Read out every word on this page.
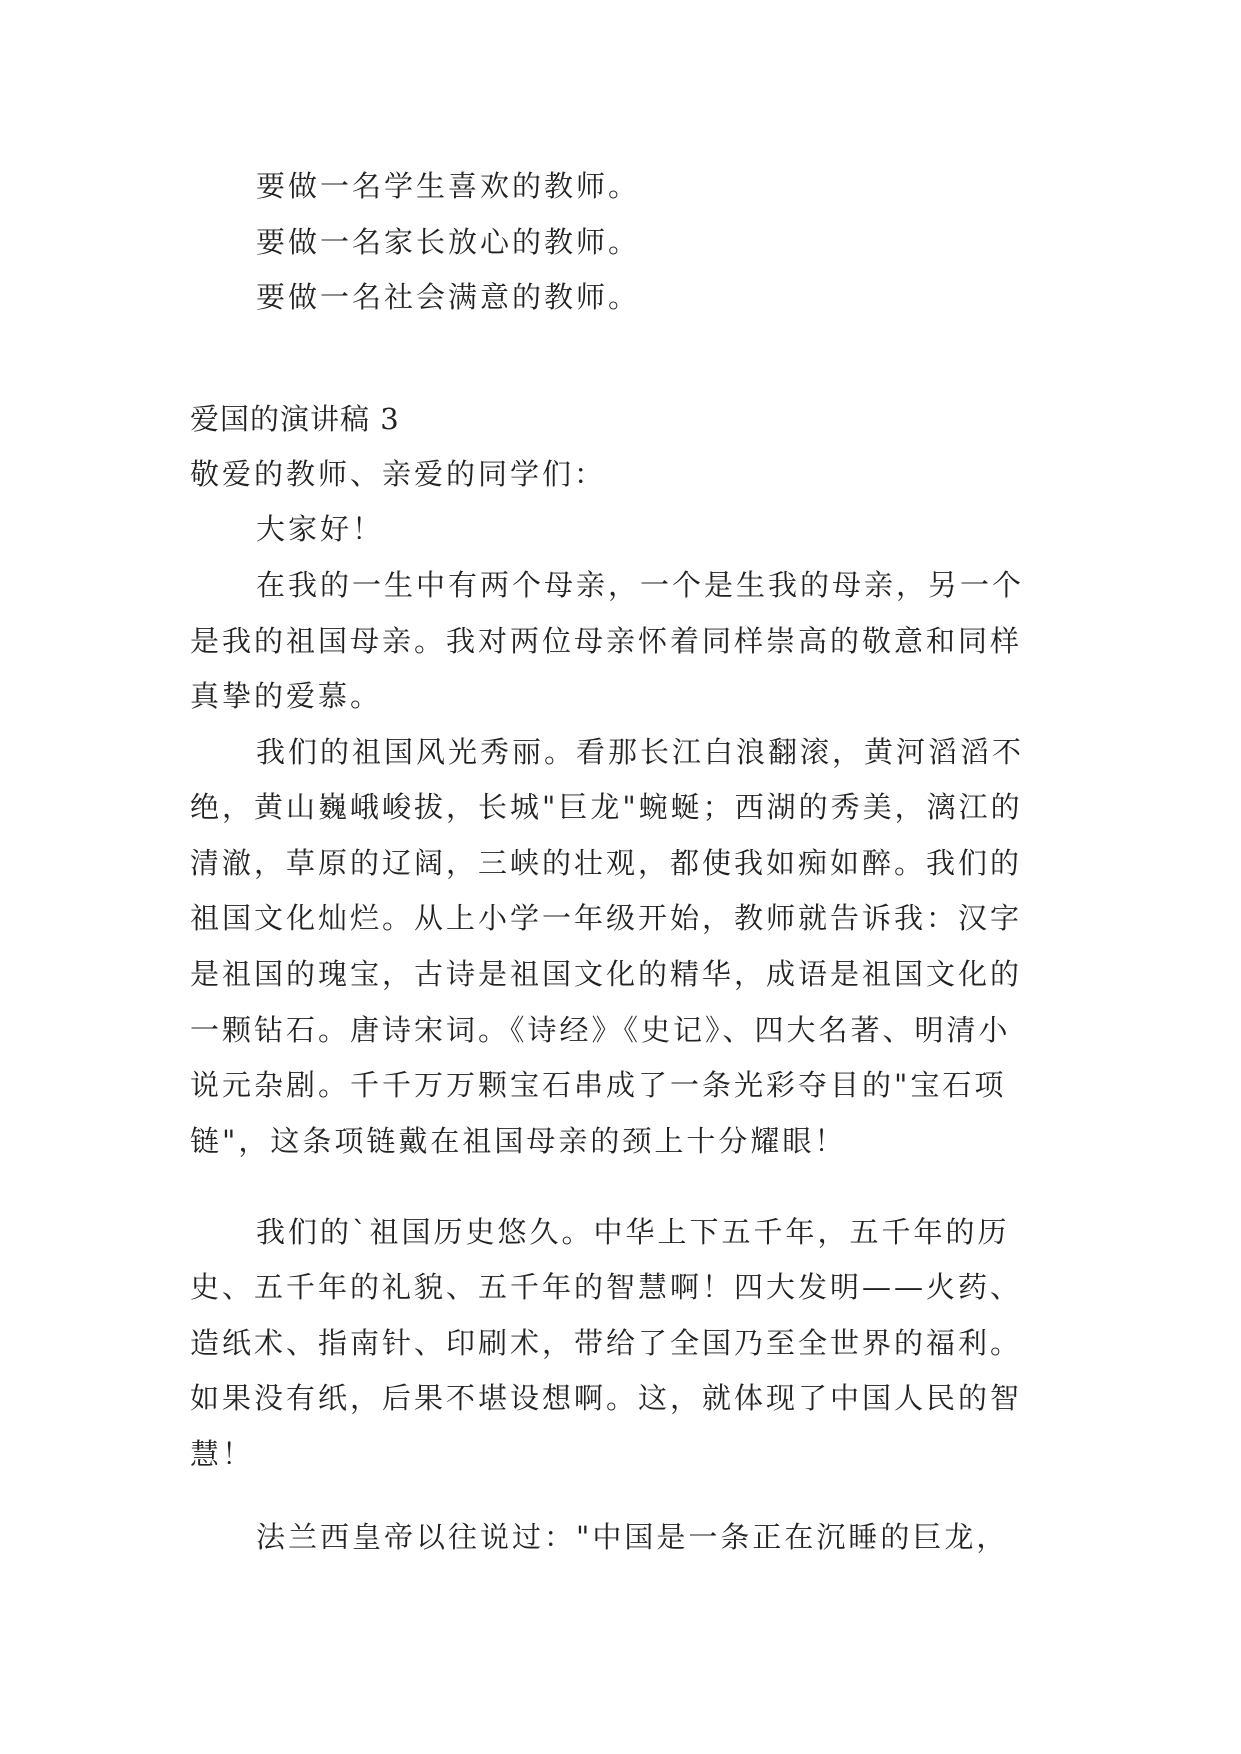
要做一名学生喜欢的教师。
要做一名家长放心的教师。
要做一名社会满意的教师。
爱国的演讲稿 3
敬爱的教师、亲爱的同学们：
大家好！
在我的一生中有两个母亲，一个是生我的母亲，另一个
是我的祖国母亲。我对两位母亲怀着同样崇高的敬意和同样
真挚的爱慕。
我们的祖国风光秀丽。看那长江白浪翻滚，黄河滔滔不
绝，黄山巍峨峻拔，长城"巨龙"蜿蜒；西湖的秀美，漓江的
清澈，草原的辽阔，三峡的壮观，都使我如痴如醉。我们的
祖国文化灿烂。从上小学一年级开始，教师就告诉我：汉字
是祖国的瑰宝，古诗是祖国文化的精华，成语是祖国文化的
一颗钻石。唐诗宋词。《诗经》《史记》、四大名著、明清小
说元杂剧。千千万万颗宝石串成了一条光彩夺目的"宝石项
链"，这条项链戴在祖国母亲的颈上十分耀眼！
我们的`祖国历史悠久。中华上下五千年，五千年的历
史、五千年的礼貌、五千年的智慧啊！四大发明——火药、
造纸术、指南针、印刷术，带给了全国乃至全世界的福利。
如果没有纸，后果不堪设想啊。这，就体现了中国人民的智
慧！
法兰西皇帝以往说过："中国是一条正在沉睡的巨龙，
